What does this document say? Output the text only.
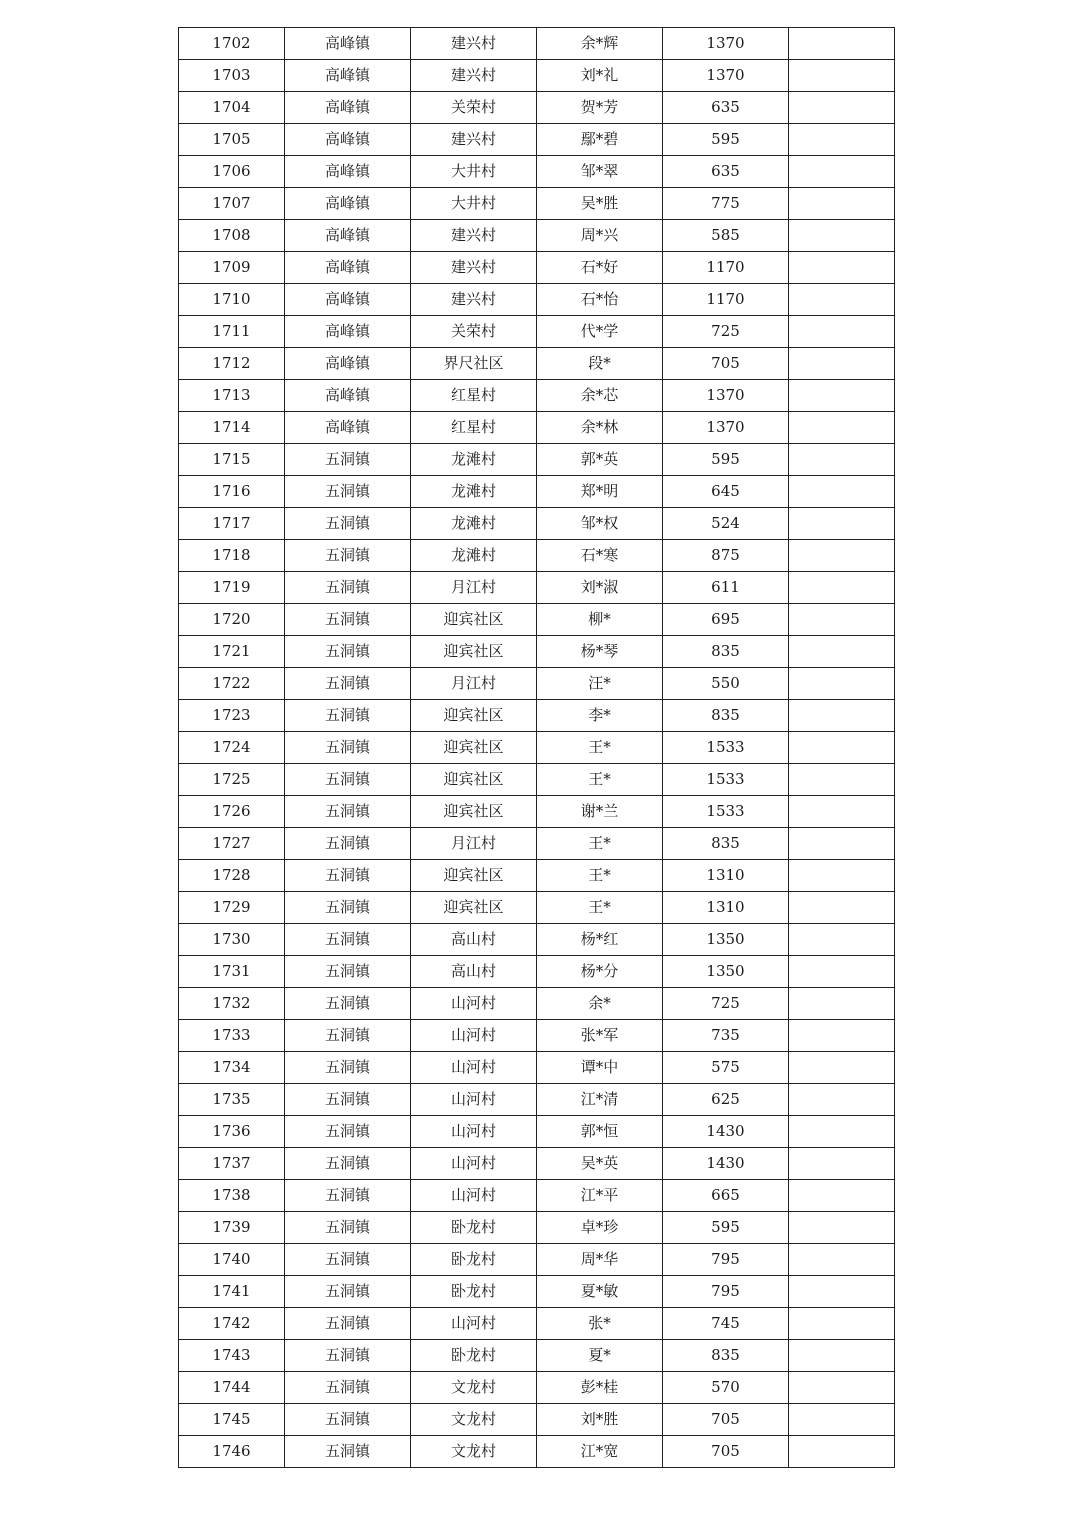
1702	高峰镇	建兴村	余*辉	1370	
1703	高峰镇	建兴村	刘*礼	1370	
1704	高峰镇	关荣村	贺*芳	635	
1705	高峰镇	建兴村	鄢*碧	595	
1706	高峰镇	大井村	邹*翠	635	
1707	高峰镇	大井村	吴*胜	775	
1708	高峰镇	建兴村	周*兴	585	
1709	高峰镇	建兴村	石*好	1170	
1710	高峰镇	建兴村	石*怡	1170	
1711	高峰镇	关荣村	代*学	725	
1712	高峰镇	界尺社区	段*	705	
1713	高峰镇	红星村	余*芯	1370	
1714	高峰镇	红星村	余*林	1370	
1715	五洞镇	龙滩村	郭*英	595	
1716	五洞镇	龙滩村	郑*明	645	
1717	五洞镇	龙滩村	邹*权	524	
1718	五洞镇	龙滩村	石*寒	875	
1719	五洞镇	月江村	刘*淑	611	
1720	五洞镇	迎宾社区	柳*	695	
1721	五洞镇	迎宾社区	杨*琴	835	
1722	五洞镇	月江村	汪*	550	
1723	五洞镇	迎宾社区	李*	835	
1724	五洞镇	迎宾社区	王*	1533	
1725	五洞镇	迎宾社区	王*	1533	
1726	五洞镇	迎宾社区	谢*兰	1533	
1727	五洞镇	月江村	王*	835	
1728	五洞镇	迎宾社区	王*	1310	
1729	五洞镇	迎宾社区	王*	1310	
1730	五洞镇	高山村	杨*红	1350	
1731	五洞镇	高山村	杨*分	1350	
1732	五洞镇	山河村	余*	725	
1733	五洞镇	山河村	张*军	735	
1734	五洞镇	山河村	谭*中	575	
1735	五洞镇	山河村	江*清	625	
1736	五洞镇	山河村	郭*恒	1430	
1737	五洞镇	山河村	吴*英	1430	
1738	五洞镇	山河村	江*平	665	
1739	五洞镇	卧龙村	卓*珍	595	
1740	五洞镇	卧龙村	周*华	795	
1741	五洞镇	卧龙村	夏*敏	795	
1742	五洞镇	山河村	张*	745	
1743	五洞镇	卧龙村	夏*	835	
1744	五洞镇	文龙村	彭*桂	570	
1745	五洞镇	文龙村	刘*胜	705	
1746	五洞镇	文龙村	江*宽	705	
